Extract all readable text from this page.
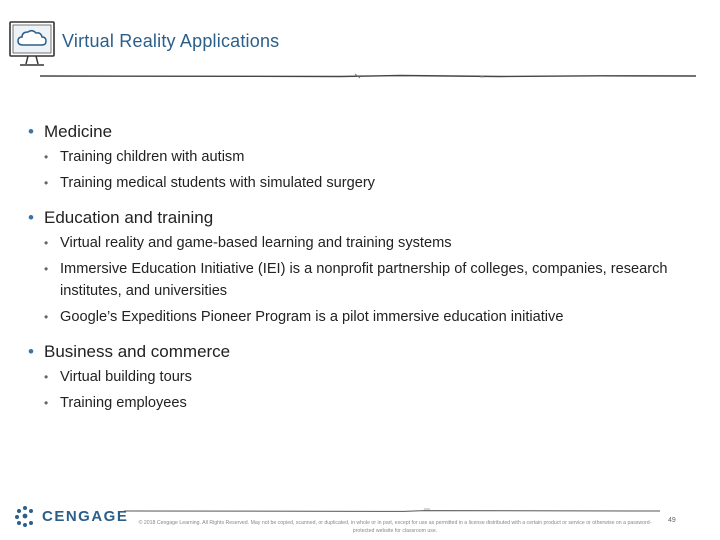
Virtual Reality Applications

• Medicine

• Training children with autism
• Training medical students with simulated surgery

• Education and training

• Virtual reality and game-based learning and training systems
• Immersive Education Initiative (IEI) is a nonprofit partnership of colleges, companies, research institutes, and universities
• Google’s Expeditions Pioneer Program is a pilot immersive education initiative

• Business and commerce

• Virtual building tours
• Training employees
CENGAGE	© 2018 Cengage Learning. All Rights Reserved. May not be copied, scanned, or duplicated, in whole or in part, except for use as permitted in a license distributed with a certain product or service or otherwise on a password-protected website for classroom use.
49
